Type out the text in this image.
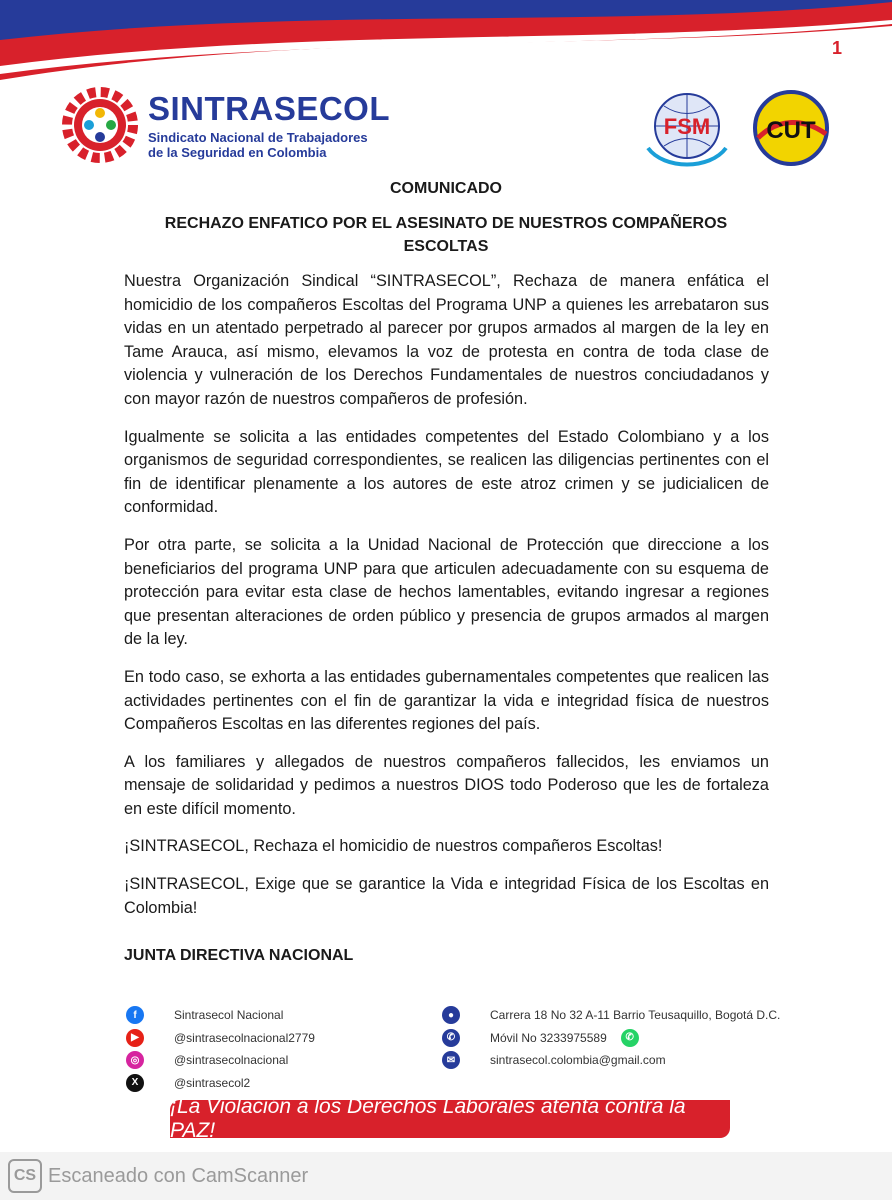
1
SINTRASECOL
Sindicato Nacional de Trabajadores
de la Seguridad en Colombia
FSM CUT
COMUNICADO
RECHAZO ENFATICO POR EL ASESINATO DE NUESTROS COMPAÑEROS
ESCOLTAS

Nuestra Organización Sindical “SINTRASECOL”, Rechaza de manera enfática el homicidio de los compañeros Escoltas del Programa UNP a quienes les arrebataron sus vidas en un atentado perpetrado al parecer por grupos armados al margen de la ley en Tame Arauca, así mismo, elevamos la voz de protesta en contra de toda clase de violencia y vulneración de los Derechos Fundamentales de nuestros conciudadanos y con mayor razón de nuestros compañeros de profesión.

Igualmente se solicita a las entidades competentes del Estado Colombiano y a los organismos de seguridad correspondientes, se realicen las diligencias pertinentes con el fin de identificar plenamente a los autores de este atroz crimen y se judicialicen de conformidad.

Por otra parte, se solicita a la Unidad Nacional de Protección que direccione a los beneficiarios del programa UNP para que articulen adecuadamente con su esquema de protección para evitar esta clase de hechos lamentables, evitando ingresar a regiones que presentan alteraciones de orden público y presencia de grupos armados al margen de la ley.

En todo caso, se exhorta a las entidades gubernamentales competentes que realicen las actividades pertinentes con el fin de garantizar la vida e integridad física de nuestros Compañeros Escoltas en las diferentes regiones del país.

A los familiares y allegados de nuestros compañeros fallecidos, les enviamos un mensaje de solidaridad y pedimos a nuestros DIOS todo Poderoso que les de fortaleza en este difícil momento.

¡SINTRASECOL, Rechaza el homicidio de nuestros compañeros Escoltas!

¡SINTRASECOL, Exige que se garantice la Vida e integridad Física de los Escoltas en Colombia!

JUNTA DIRECTIVA NACIONAL
f	Sintrasecol Nacional
▶	@sintrasecolnacional2779
◎	@sintrasecolnacional
X	@sintrasecol2
●	Carrera 18 No 32 A-11 Barrio Teusaquillo, Bogotá D.C.
✆	Móvil No 3233975589	✆
✉	sintrasecol.colombia@gmail.com
¡La Violación a los Derechos Laborales atenta contra la PAZ!
CS Escaneado con CamScanner
